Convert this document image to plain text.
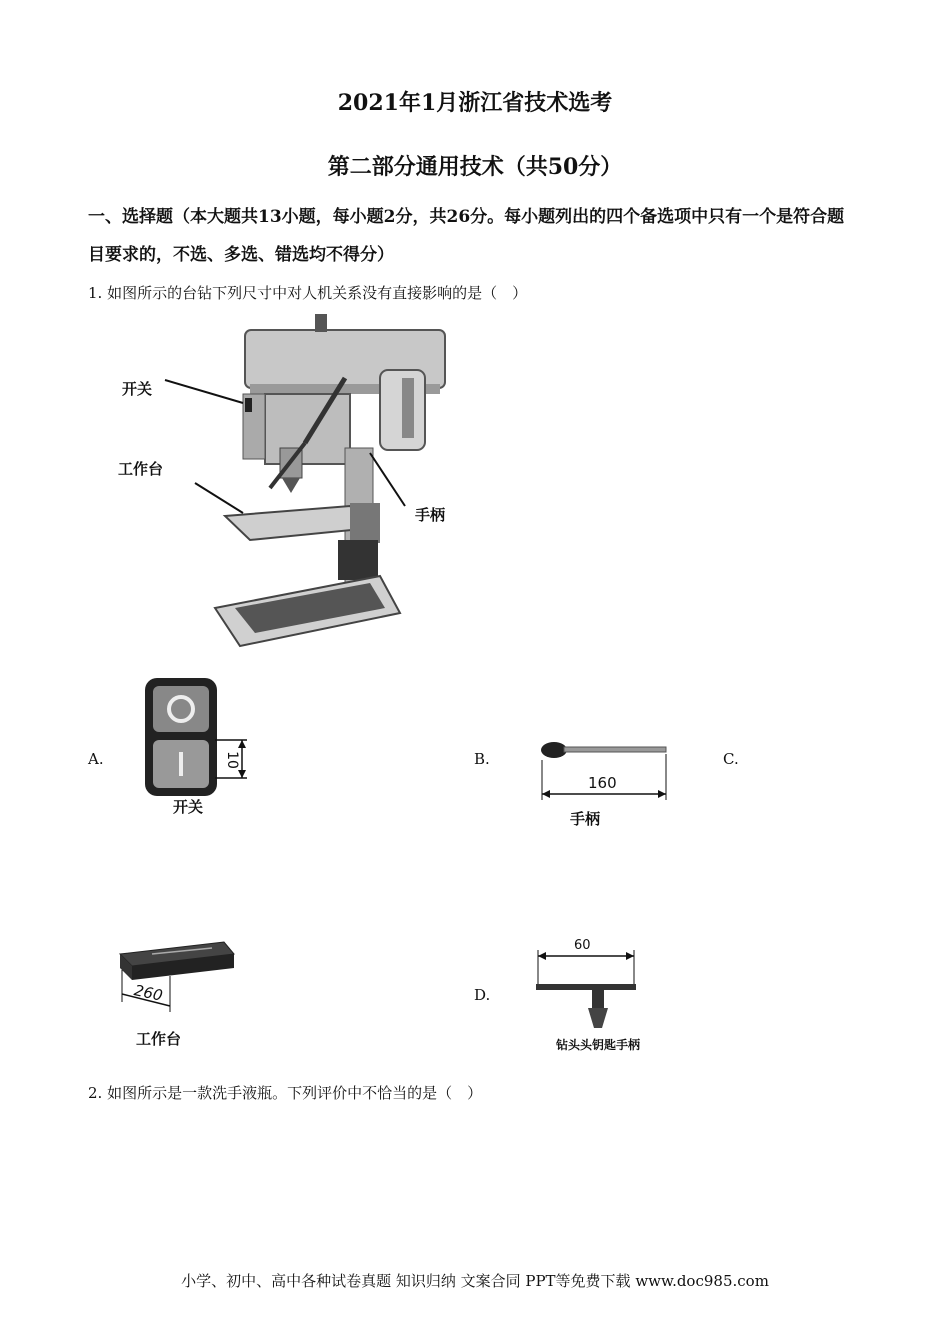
2021年1月浙江省技术选考
第二部分通用技术（共50分）
一、选择题（本大题共13小题，每小题2分，共26分。每小题列出的四个备选项中只有一个是符合题目要求的，不选、多选、错选均不得分）
1. 如图所示的台钻下列尺寸中对人机关系没有直接影响的是（　）
开关
工作台
手柄
A.	10
开关
B.
160
手柄
C.
260
工作台
D.
60
钻头头钥匙手柄
2. 如图所示是一款洗手液瓶。下列评价中不恰当的是（　）
小学、初中、高中各种试卷真题 知识归纳 文案合同 PPT等免费下载 www.doc985.com
